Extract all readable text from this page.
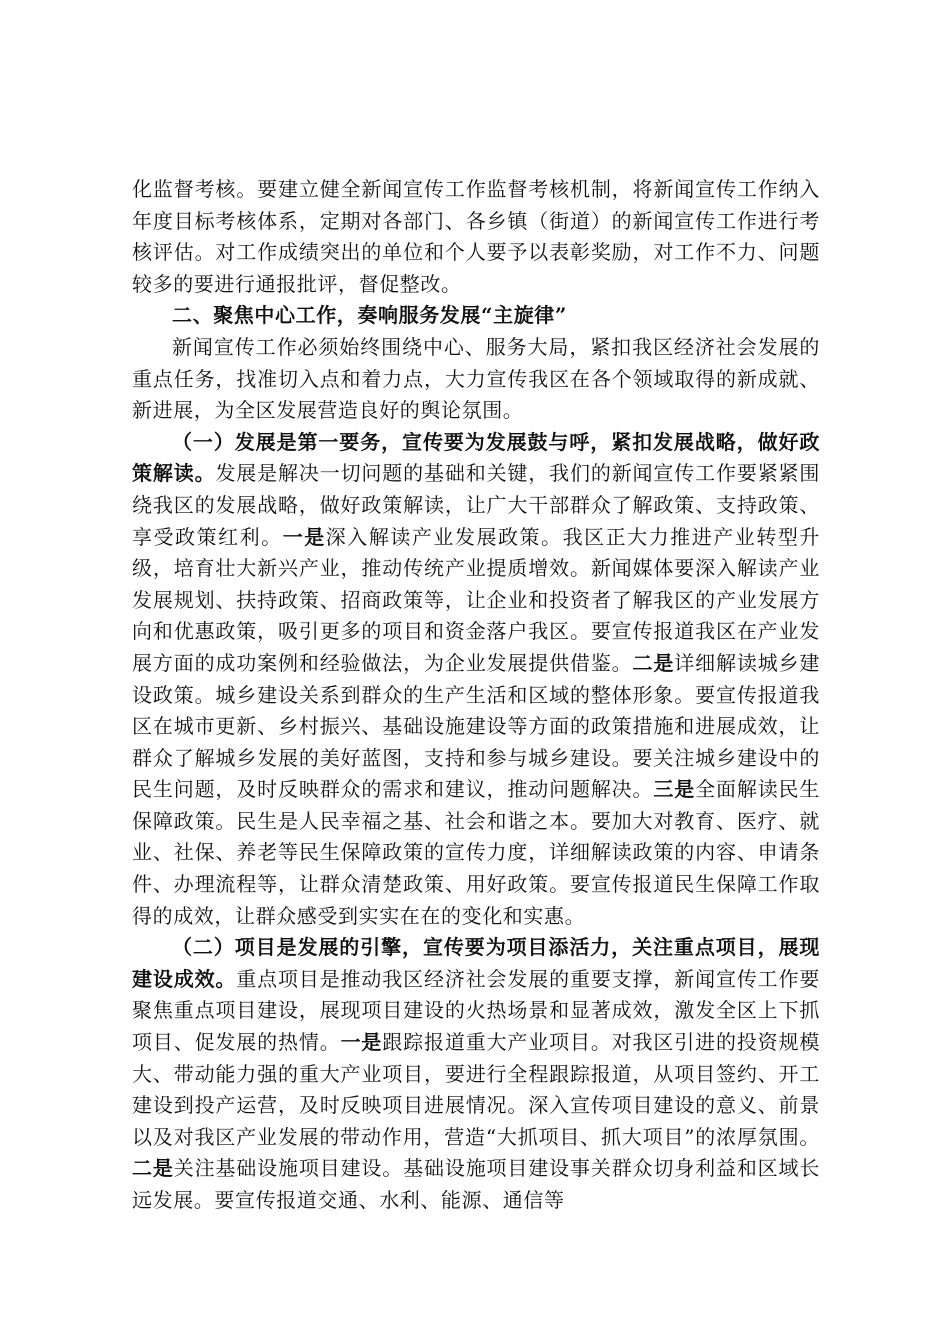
化监督考核。要建立健全新闻宣传工作监督考核机制，将新闻宣传工作纳入年度目标考核体系，定期对各部门、各乡镇（街道）的新闻宣传工作进行考核评估。对工作成绩突出的单位和个人要予以表彰奖励，对工作不力、问题较多的要进行通报批评，督促整改。

二、聚焦中心工作，奏响服务发展“主旋律”

新闻宣传工作必须始终围绕中心、服务大局，紧扣我区经济社会发展的重点任务，找准切入点和着力点，大力宣传我区在各个领域取得的新成就、新进展，为全区发展营造良好的舆论氛围。

（一）发展是第一要务，宣传要为发展鼓与呼，紧扣发展战略，做好政策解读。发展是解决一切问题的基础和关键，我们的新闻宣传工作要紧紧围绕我区的发展战略，做好政策解读，让广大干部群众了解政策、支持政策、享受政策红利。一是深入解读产业发展政策。我区正大力推进产业转型升级，培育壮大新兴产业，推动传统产业提质增效。新闻媒体要深入解读产业发展规划、扶持政策、招商政策等，让企业和投资者了解我区的产业发展方向和优惠政策，吸引更多的项目和资金落户我区。要宣传报道我区在产业发展方面的成功案例和经验做法，为企业发展提供借鉴。二是详细解读城乡建设政策。城乡建设关系到群众的生产生活和区域的整体形象。要宣传报道我区在城市更新、乡村振兴、基础设施建设等方面的政策措施和进展成效，让群众了解城乡发展的美好蓝图，支持和参与城乡建设。要关注城乡建设中的民生问题，及时反映群众的需求和建议，推动问题解决。三是全面解读民生保障政策。民生是人民幸福之基、社会和谐之本。要加大对教育、医疗、就业、社保、养老等民生保障政策的宣传力度，详细解读政策的内容、申请条件、办理流程等，让群众清楚政策、用好政策。要宣传报道民生保障工作取得的成效，让群众感受到实实在在的变化和实惠。

（二）项目是发展的引擎，宣传要为项目添活力，关注重点项目，展现建设成效。重点项目是推动我区经济社会发展的重要支撑，新闻宣传工作要聚焦重点项目建设，展现项目建设的火热场景和显著成效，激发全区上下抓项目、促发展的热情。一是跟踪报道重大产业项目。对我区引进的投资规模大、带动能力强的重大产业项目，要进行全程跟踪报道，从项目签约、开工建设到投产运营，及时反映项目进展情况。深入宣传项目建设的意义、前景以及对我区产业发展的带动作用，营造“大抓项目、抓大项目”的浓厚氛围。二是关注基础设施项目建设。基础设施项目建设事关群众切身利益和区域长远发展。要宣传报道交通、水利、能源、通信等
